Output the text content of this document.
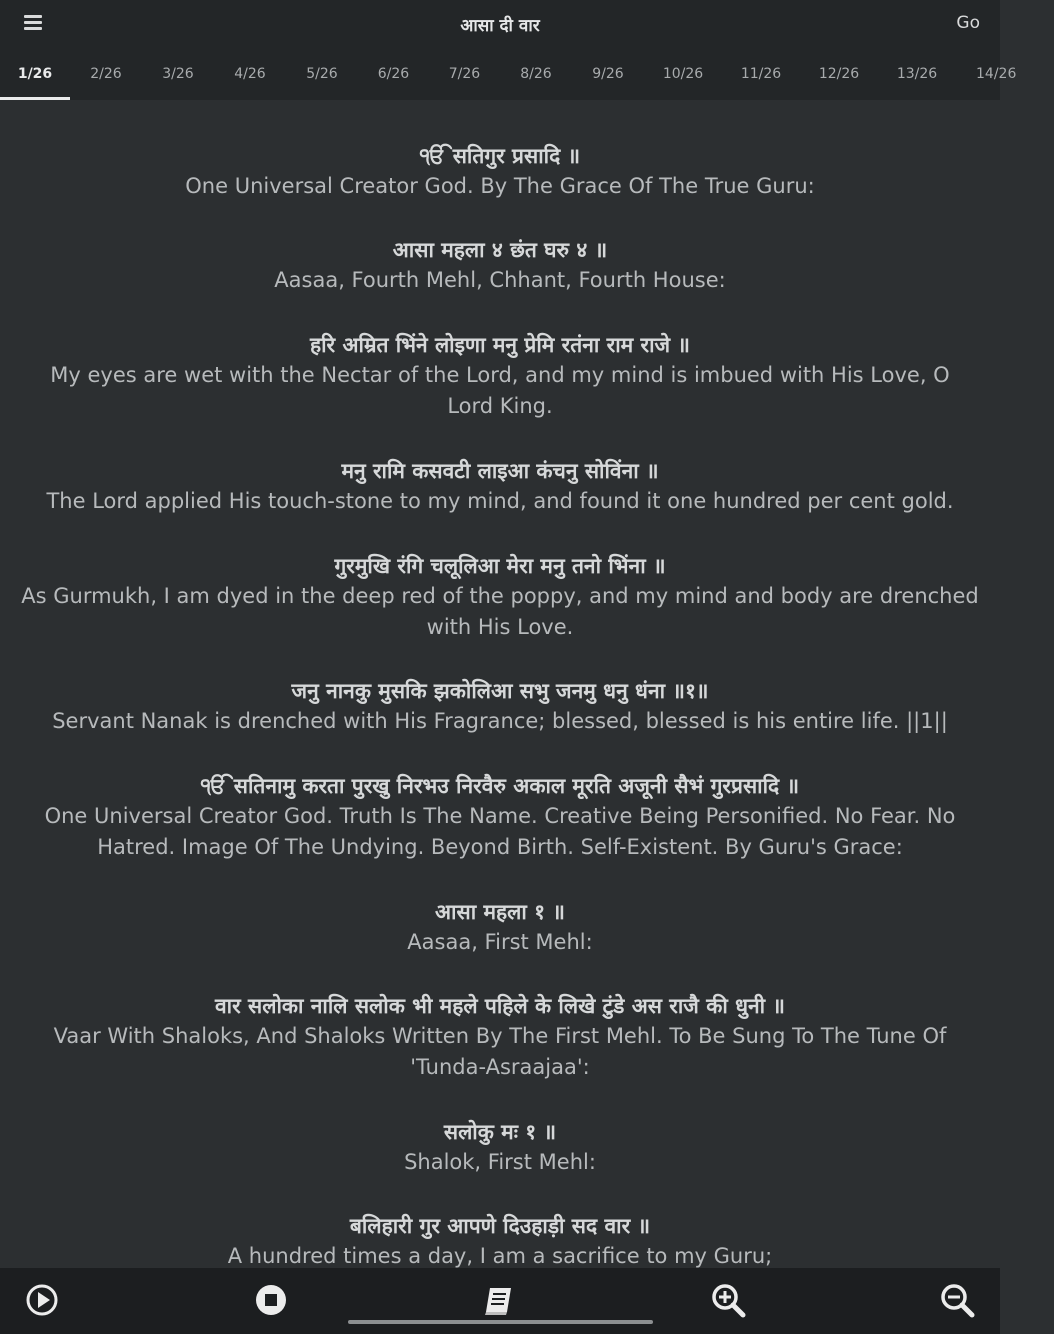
आसा दी वार	Go
1/26	2/26	3/26	4/26	5/26	6/26	7/26	8/26	9/26	10/26	11/26	12/26	13/26	14/26
ੴ सतिगुर प्रसादि ॥
One Universal Creator God. By The Grace Of The True Guru:
आसा महला ४ छंत घरु ४ ॥
Aasaa, Fourth Mehl, Chhant, Fourth House:
हरि अम्रित भिंने लोइणा मनु प्रेमि रतंना राम राजे ॥
My eyes are wet with the Nectar of the Lord, and my mind is imbued with His Love, O Lord King.
मनु रामि कसवटी लाइआ कंचनु सोविंना ॥
The Lord applied His touch-stone to my mind, and found it one hundred per cent gold.
गुरमुखि रंगि चलूलिआ मेरा मनु तनो भिंना ॥
As Gurmukh, I am dyed in the deep red of the poppy, and my mind and body are drenched with His Love.
जनु नानकु मुसकि झकोलिआ सभु जनमु धनु धंना ॥१॥
Servant Nanak is drenched with His Fragrance; blessed, blessed is his entire life. ||1||
ੴ सतिनामु करता पुरखु निरभउ निरवैरु अकाल मूरति अजूनी सैभं गुरप्रसादि ॥
One Universal Creator God. Truth Is The Name. Creative Being Personified. No Fear. No Hatred. Image Of The Undying. Beyond Birth. Self-Existent. By Guru's Grace:
आसा महला १ ॥
Aasaa, First Mehl:
वार सलोका नालि सलोक भी महले पहिले के लिखे टुंडे अस राजै की धुनी ॥
Vaar With Shaloks, And Shaloks Written By The First Mehl. To Be Sung To The Tune Of 'Tunda-Asraajaa':
सलोकु मः १ ॥
Shalok, First Mehl:
बलिहारी गुर आपणे दिउहाड़ी सद वार ॥
A hundred times a day, I am a sacrifice to my Guru;
